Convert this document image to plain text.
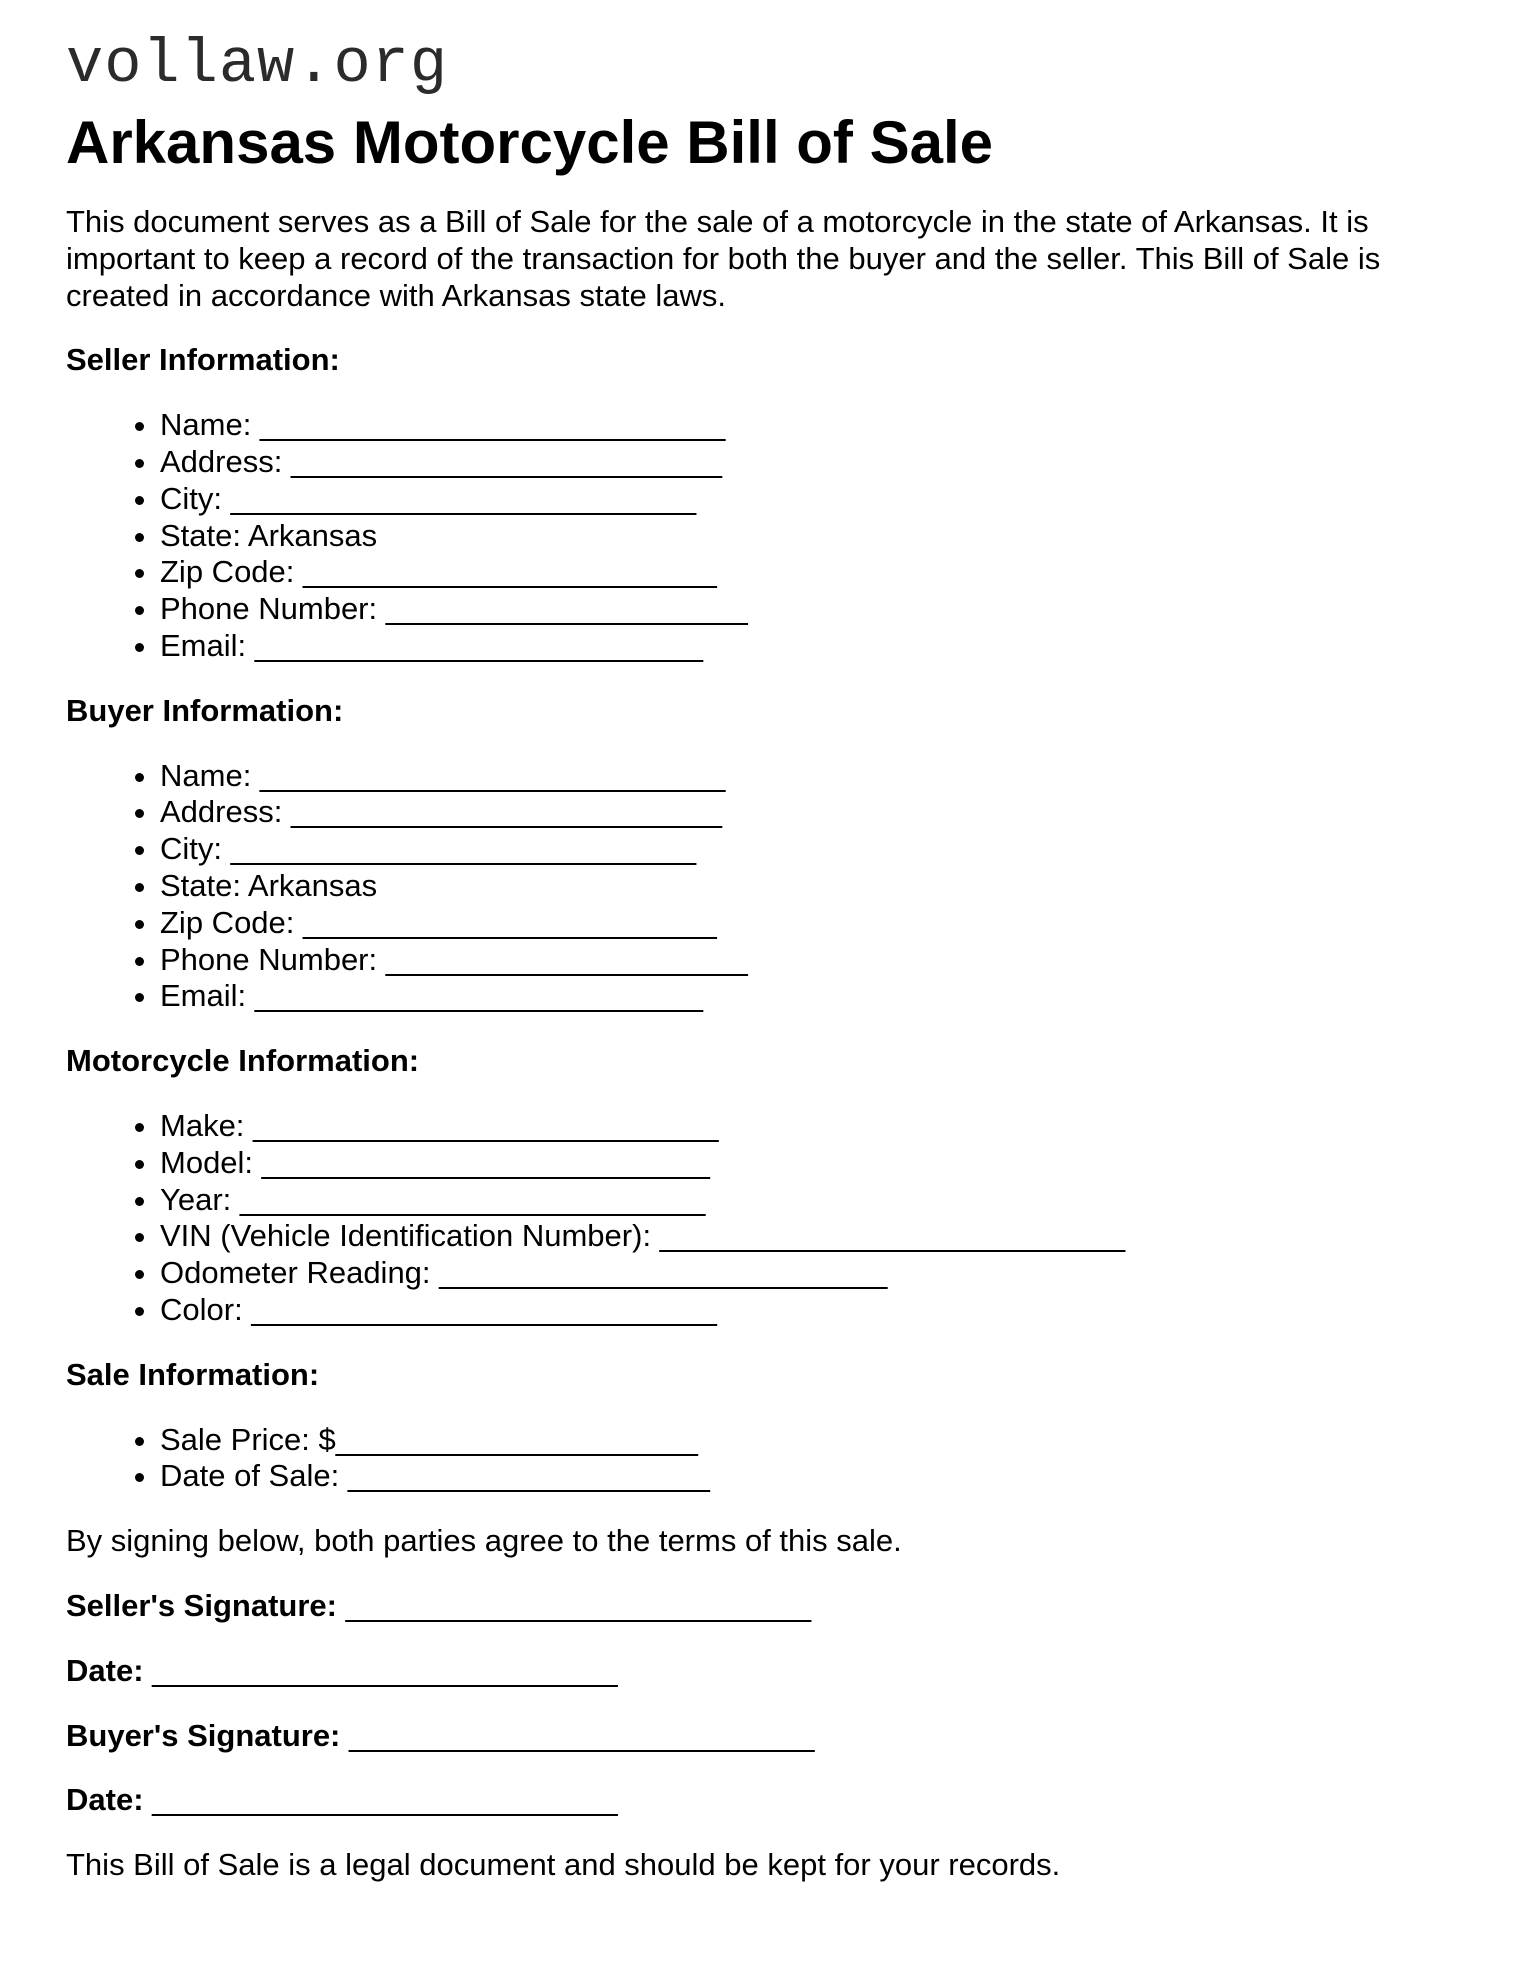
vollaw.org
Arkansas Motorcycle Bill of Sale

This document serves as a Bill of Sale for the sale of a motorcycle in the state of Arkansas. It is important to keep a record of the transaction for both the buyer and the seller. This Bill of Sale is created in accordance with Arkansas state laws.

Seller Information:

• Name: ___________________________
• Address: _________________________
• City: ___________________________
• State: Arkansas
• Zip Code: ________________________
• Phone Number: _____________________
• Email: __________________________

Buyer Information:

• Name: ___________________________
• Address: _________________________
• City: ___________________________
• State: Arkansas
• Zip Code: ________________________
• Phone Number: _____________________
• Email: __________________________

Motorcycle Information:

• Make: ___________________________
• Model: __________________________
• Year: ___________________________
• VIN (Vehicle Identification Number): ___________________________
• Odometer Reading: __________________________
• Color: ___________________________

Sale Information:

• Sale Price: $_____________________
• Date of Sale: _____________________

By signing below, both parties agree to the terms of this sale.

Seller's Signature: ___________________________

Date: ___________________________

Buyer's Signature: ___________________________

Date: ___________________________

This Bill of Sale is a legal document and should be kept for your records.
